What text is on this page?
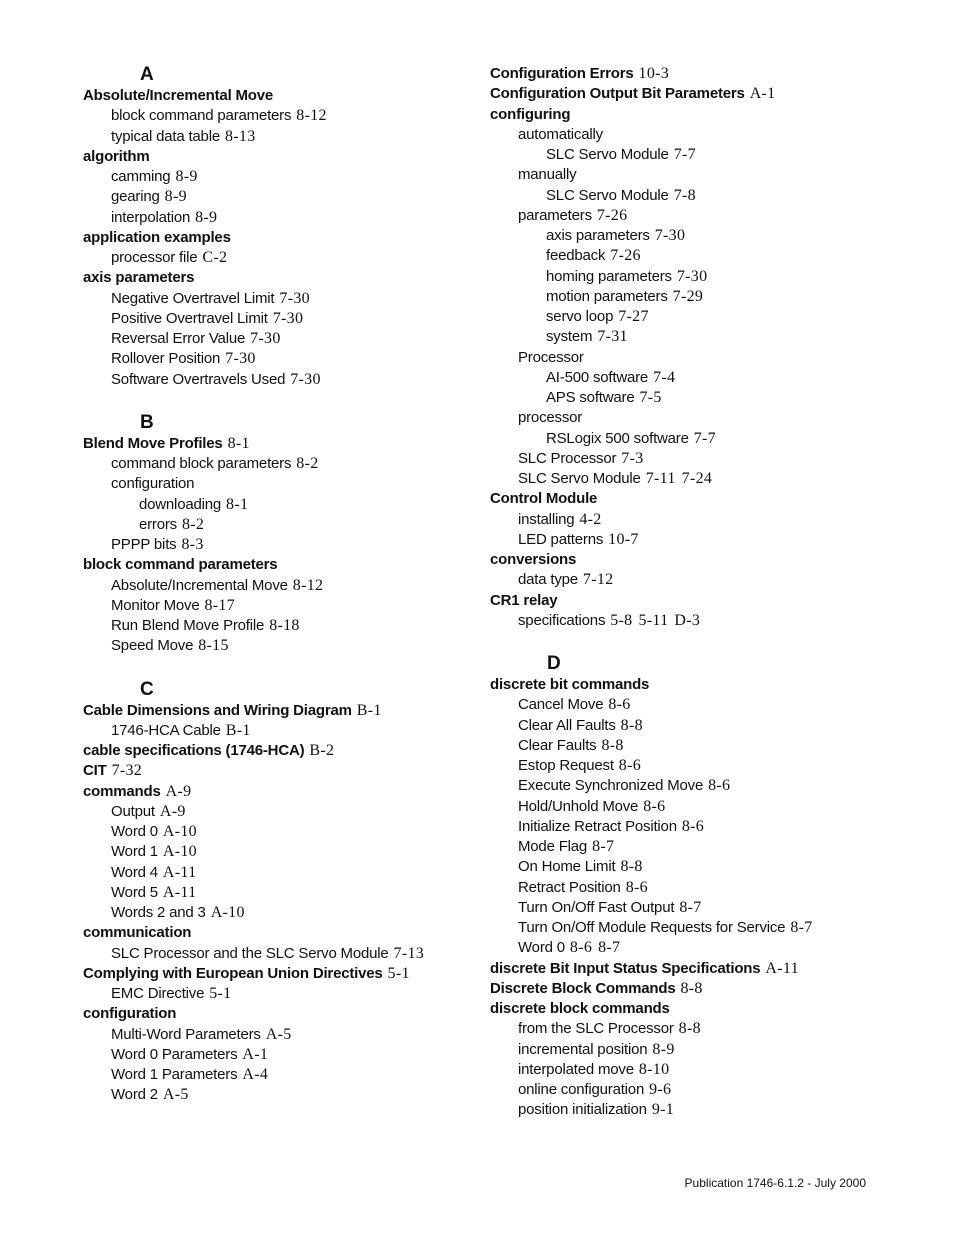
A
Absolute/Incremental Move
block command parameters 8-12
typical data table 8-13
algorithm
camming 8-9
gearing 8-9
interpolation 8-9
application examples
processor file C-2
axis parameters
Negative Overtravel Limit 7-30
Positive Overtravel Limit 7-30
Reversal Error Value 7-30
Rollover Position 7-30
Software Overtravels Used 7-30
B
Blend Move Profiles 8-1
command block parameters 8-2
configuration
downloading 8-1
errors 8-2
PPPP bits 8-3
block command parameters
Absolute/Incremental Move 8-12
Monitor Move 8-17
Run Blend Move Profile 8-18
Speed Move 8-15
C
Cable Dimensions and Wiring Diagram B-1
1746-HCA Cable B-1
cable specifications (1746-HCA) B-2
CIT 7-32
commands A-9
Output A-9
Word 0 A-10
Word 1 A-10
Word 4 A-11
Word 5 A-11
Words 2 and 3 A-10
communication
SLC Processor and the SLC Servo Module 7-13
Complying with European Union Directives 5-1
EMC Directive 5-1
configuration
Multi-Word Parameters A-5
Word 0 Parameters A-1
Word 1 Parameters A-4
Word 2 A-5
Configuration Errors 10-3
Configuration Output Bit Parameters A-1
configuring
automatically
SLC Servo Module 7-7
manually
SLC Servo Module 7-8
parameters 7-26
axis parameters 7-30
feedback 7-26
homing parameters 7-30
motion parameters 7-29
servo loop 7-27
system 7-31
Processor
AI-500 software 7-4
APS software 7-5
processor
RSLogix 500 software 7-7
SLC Processor 7-3
SLC Servo Module 7-11 7-24
Control Module
installing 4-2
LED patterns 10-7
conversions
data type 7-12
CR1 relay
specifications 5-8 5-11 D-3
D
discrete bit commands
Cancel Move 8-6
Clear All Faults 8-8
Clear Faults 8-8
Estop Request 8-6
Execute Synchronized Move 8-6
Hold/Unhold Move 8-6
Initialize Retract Position 8-6
Mode Flag 8-7
On Home Limit 8-8
Retract Position 8-6
Turn On/Off Fast Output 8-7
Turn On/Off Module Requests for Service 8-7
Word 0 8-6 8-7
discrete Bit Input Status Specifications A-11
Discrete Block Commands 8-8
discrete block commands
from the SLC Processor 8-8
incremental position 8-9
interpolated move 8-10
online configuration 9-6
position initialization 9-1
Publication 1746-6.1.2 - July 2000
